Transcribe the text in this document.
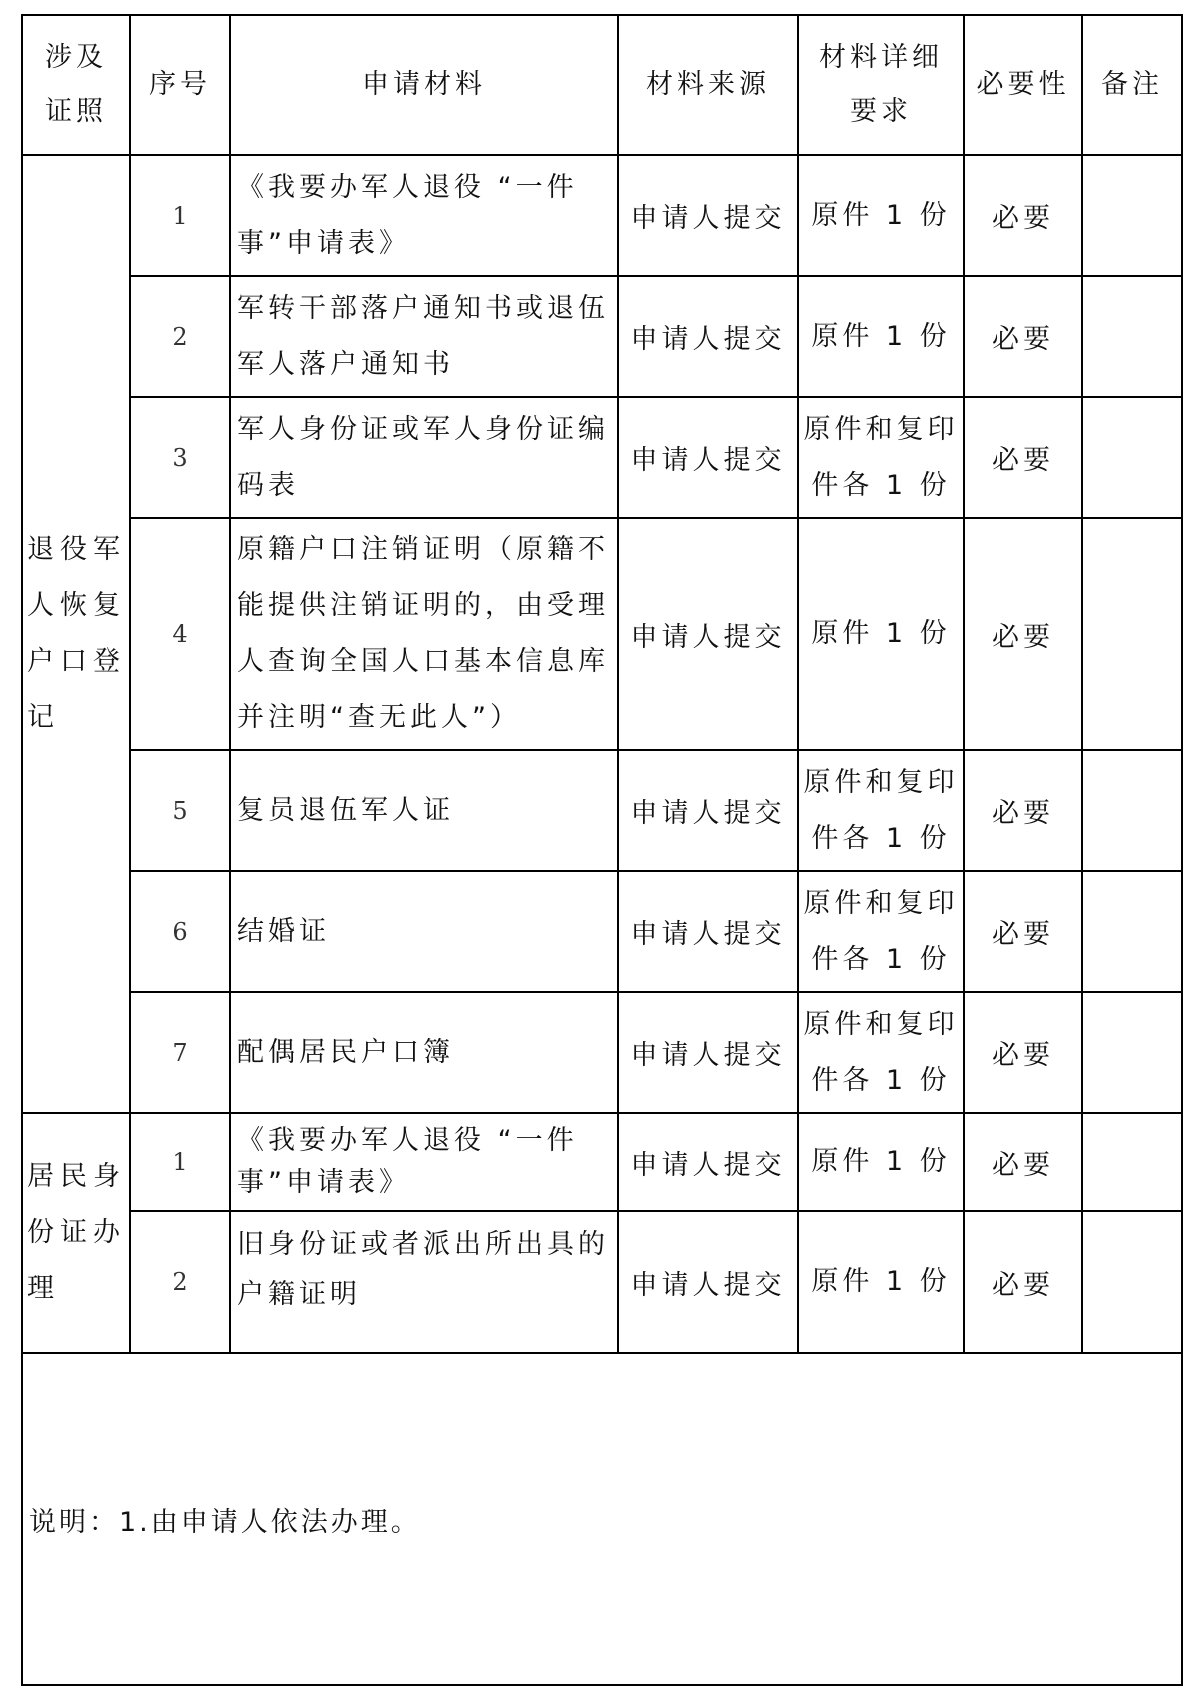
涉及证照	序号	申请材料	材料来源	材料详细要求	必要性	备注
退役军人恢复户口登记	1	《我要办军人退役 “一件事”申请表》	申请人提交	原件 1 份	必要	
	2	军转干部落户通知书或退伍军人落户通知书	申请人提交	原件 1 份	必要	
	3	军人身份证或军人身份证编码表	申请人提交	原件和复印件各 1 份	必要	
	4	原籍户口注销证明（原籍不能提供注销证明的，由受理人查询全国人口基本信息库并注明“查无此人”）	申请人提交	原件 1 份	必要	
	5	复员退伍军人证	申请人提交	原件和复印件各 1 份	必要	
	6	结婚证	申请人提交	原件和复印件各 1 份	必要	
	7	配偶居民户口簿	申请人提交	原件和复印件各 1 份	必要	
居民身份证办理	1	《我要办军人退役 “一件事”申请表》	申请人提交	原件 1 份	必要	
	2	旧身份证或者派出所出具的户籍证明	申请人提交	原件 1 份	必要	
说明：1.由申请人依法办理。						
